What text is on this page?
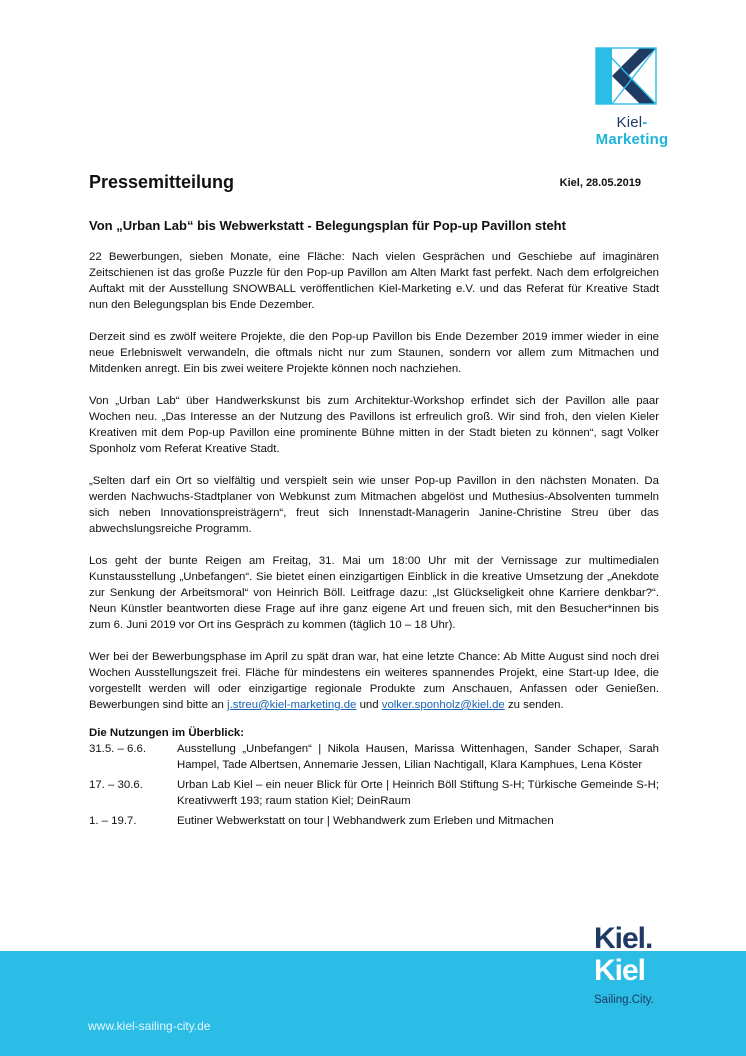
Kiel-Marketing
Pressemitteilung	Kiel, 28.05.2019
Von „Urban Lab“ bis Webwerkstatt - Belegungsplan für Pop-up Pavillon steht

22 Bewerbungen, sieben Monate, eine Fläche: Nach vielen Gesprächen und Geschiebe auf imaginären Zeitschienen ist das große Puzzle für den Pop-up Pavillon am Alten Markt fast perfekt. Nach dem erfolgreichen Auftakt mit der Ausstellung SNOWBALL veröffentlichen Kiel-Marketing e.V. und das Referat für Kreative Stadt nun den Belegungsplan bis Ende Dezember.

Derzeit sind es zwölf weitere Projekte, die den Pop-up Pavillon bis Ende Dezember 2019 immer wieder in eine neue Erlebniswelt verwandeln, die oftmals nicht nur zum Staunen, sondern vor allem zum Mitmachen und Mitdenken anregt. Ein bis zwei weitere Projekte können noch nachziehen.

Von „Urban Lab“ über Handwerkskunst bis zum Architektur-Workshop erfindet sich der Pavillon alle paar Wochen neu. „Das Interesse an der Nutzung des Pavillons ist erfreulich groß. Wir sind froh, den vielen Kieler Kreativen mit dem Pop-up Pavillon eine prominente Bühne mitten in der Stadt bieten zu können“, sagt Volker Sponholz vom Referat Kreative Stadt.

„Selten darf ein Ort so vielfältig und verspielt sein wie unser Pop-up Pavillon in den nächsten Monaten. Da werden Nachwuchs-Stadtplaner von Webkunst zum Mitmachen abgelöst und Muthesius-Absolventen tummeln sich neben Innovationspreisträgern“, freut sich Innenstadt-Managerin Janine-Christine Streu über das abwechslungsreiche Programm.

Los geht der bunte Reigen am Freitag, 31. Mai um 18:00 Uhr mit der Vernissage zur multimedialen Kunstausstellung „Unbefangen“. Sie bietet einen einzigartigen Einblick in die kreative Umsetzung der „Anekdote zur Senkung der Arbeitsmoral“ von Heinrich Böll. Leitfrage dazu: „Ist Glückseligkeit ohne Karriere denkbar?“. Neun Künstler beantworten diese Frage auf ihre ganz eigene Art und freuen sich, mit den Besucher*innen bis zum 6. Juni 2019 vor Ort ins Gespräch zu kommen (täglich 10 – 18 Uhr).

Wer bei der Bewerbungsphase im April zu spät dran war, hat eine letzte Chance: Ab Mitte August sind noch drei Wochen Ausstellungszeit frei. Fläche für mindestens ein weiteres spannendes Projekt, eine Start-up Idee, die vorgestellt werden will oder einzigartige regionale Produkte zum Anschauen, Anfassen oder Genießen. Bewerbungen sind bitte an j.streu@kiel-marketing.de und volker.sponholz@kiel.de zu senden.

Die Nutzungen im Überblick:
31.5. – 6.6.	Ausstellung „Unbefangen“ | Nikola Hausen, Marissa Wittenhagen, Sander Schaper, Sarah Hampel, Tade Albertsen, Annemarie Jessen, Lilian Nachtigall, Klara Kamphues, Lena Köster
17. – 30.6.	Urban Lab Kiel – ein neuer Blick für Orte | Heinrich Böll Stiftung S-H; Türkische Gemeinde S-H; Kreativwerft 193; raum station Kiel; DeinRaum
1. – 19.7.	Eutiner Webwerkstatt on tour | Webhandwerk zum Erleben und Mitmachen
www.kiel-sailing-city.de
Kiel.
Kiel
Sailing.City.
